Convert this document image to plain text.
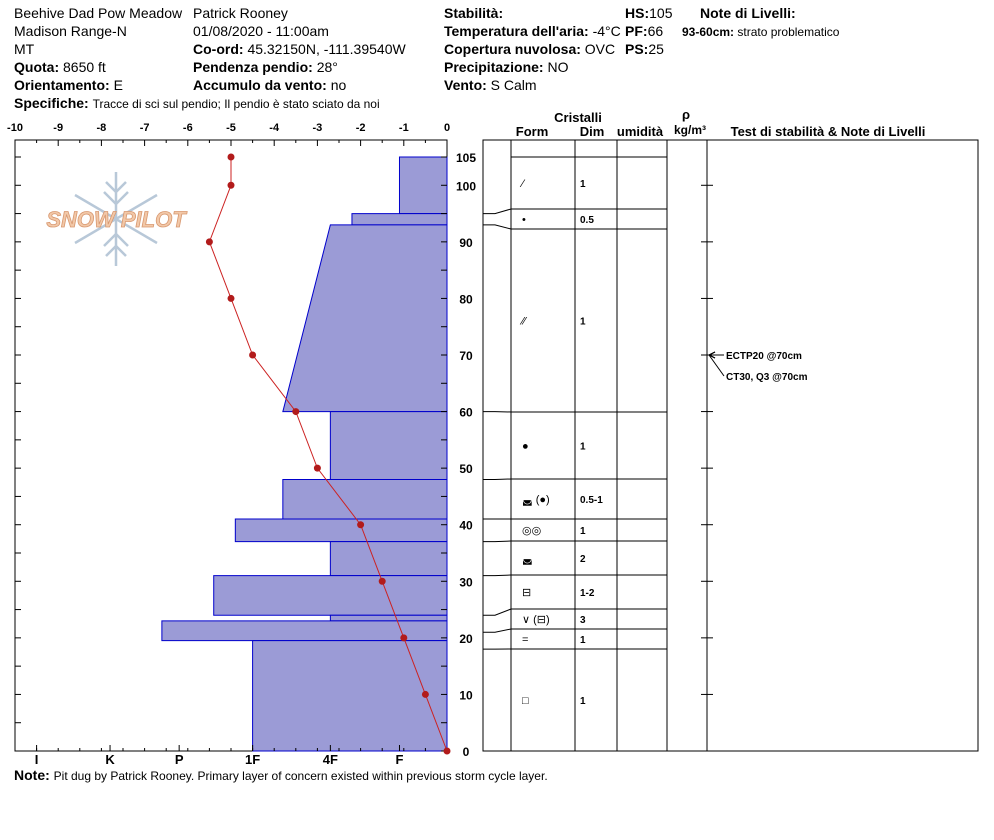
Beehive Dad Pow Meadow
Madison Range-N
MT
Quota: 8650 ft
Orientamento: E
Specifiche: Tracce di sci sul pendio; Il pendio è stato sciato da noi
Patrick Rooney
01/08/2020 - 11:00am
Co-ord: 45.32150N, -111.39540W
Pendenza pendio: 28°
Accumulo da vento: no
Stabilità:
Temperatura dell'aria: -4°C
Copertura nuvolosa: OVC
Precipitazione: NO
Vento: S Calm
HS:105
PF:66
PS:25
Note di Livelli:
93-60cm: strato problematico
Note: Pit dug by Patrick Rooney. Primary layer of concern existed within previous storm cycle layer.
SNOW PILOT
-10	-9	-8	-7	-6	-5	-4	-3	-2	-1	0
I	K	P	1F	4F	F	0
10
20
30
40
50
60
70
80
90
100
105
Cristalli
Form Dim umidità
ρ
kg/m³ Test di stabilità & Note di Livelli
⁄	1
•	0.5
⁄⁄	1
●	1
◛ (●)	0.5-1
◎◎	1
◛	2
⊟	1-2
∨ (⊟)	3
=	1
□	1
ECTP20 @70cm
CT30, Q3 @70cm
